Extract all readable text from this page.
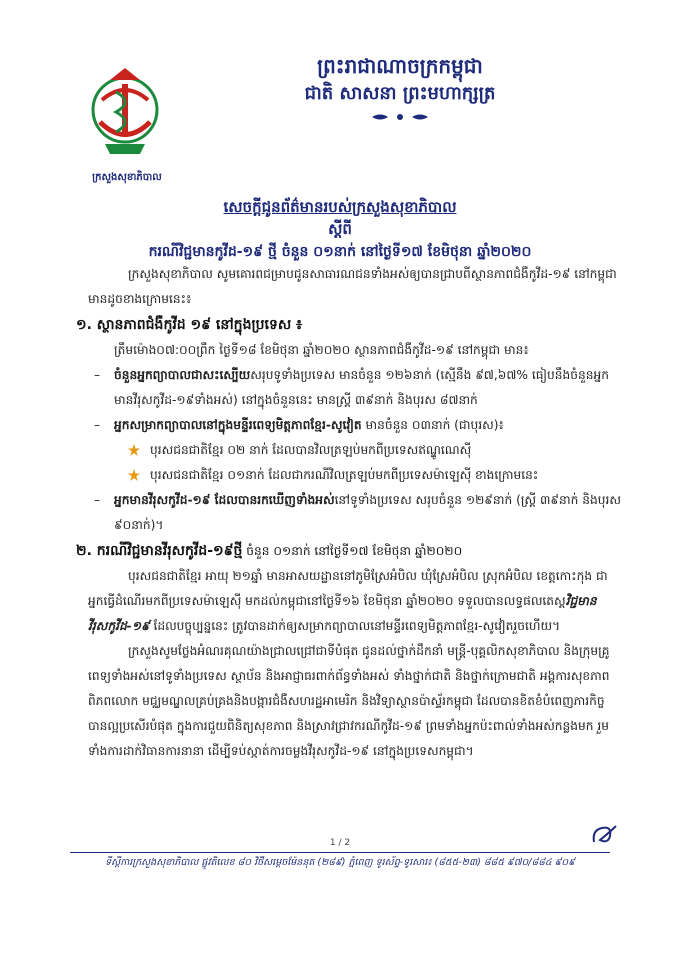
ក្រសួងសុខាភិបាល
ព្រះរាជាណាចក្រកម្ពុជា
ជាតិ សាសនា ព្រះមហាក្សត្រ
សេចក្តីជូនព័ត៌មានរបស់ក្រសួងសុខាភិបាល
ស្តីពី
ករណីវិជ្ជមានកូវីដ-១៩ ថ្មី ចំនួន ០១នាក់ នៅថ្ងៃទី១៧ ខែមិថុនា ឆ្នាំ២០២០

ក្រសួងសុខាភិបាល សូមគោរពជម្រាបជូនសាធារណជនទាំងអស់ឲ្យបានជ្រាបពីស្ថានភាពជំងឺកូវីដ-១៩ នៅកម្ពុជា មានដូចខាងក្រោមនេះ៖

១. ស្ថានភាពជំងឺកូវីដ ១៩ នៅក្នុងប្រទេស ៖

ត្រឹមម៉ោង០៧:០០ព្រឹក ថ្ងៃទី១៨ ខែមិថុនា ឆ្នាំ២០២០ ស្ថានភាពជំងឺកូវីដ-១៩ នៅកម្ពុជា មាន៖

– ចំនួនអ្នកព្យាបាលជាសះស្បើយសរុបទូទាំងប្រទេស មានចំនួន ១២៦នាក់ (ស្មើនឹង ៩៧,៦៧% ធៀបនឹងចំនួនអ្នកមានវីរុសកូវីដ-១៩ទាំងអស់) នៅក្នុងចំនួននេះ មានស្ត្រី ៣៩នាក់ និងបុរស ៨៧នាក់

– អ្នកសម្រាកព្យាបាលនៅក្នុងមន្ទីរពេទ្យមិត្តភាពខ្មែរ-សូវៀត មានចំនួន ០៣នាក់ (ជាបុរស)៖

បុរសជនជាតិខ្មែរ ០២ នាក់ ដែលបានវិលត្រឡប់មកពីប្រទេសឥណ្ឌូណេស៊ី

បុរសជនជាតិខ្មែរ ០១នាក់ ដែលជាករណីវិលត្រឡប់មកពីប្រទេសម៉ាឡេស៊ី ខាងក្រោមនេះ

– អ្នកមានវីរុសកូវីដ-១៩ ដែលបានរកឃើញទាំងអស់នៅទូទាំងប្រទេស សរុបចំនួន ១២៩នាក់ (ស្ត្រី ៣៩នាក់ និងបុរស ៩០នាក់)។

២. ករណីវិជ្ជមានវីរុសកូវីដ-១៩ថ្មី ចំនួន ០១នាក់ នៅថ្ងៃទី១៧ ខែមិថុនា ឆ្នាំ២០២០

បុរសជនជាតិខ្មែរ អាយុ ២១ឆ្នាំ មានអាសយដ្ឋាននៅភូមិស្រែអំបិល ឃុំស្រែអំបិល ស្រុកអំបិល ខេត្តកោះកុង ជាអ្នកធ្វើដំណើរមកពីប្រទេសម៉ាឡេស៊ី មកដល់កម្ពុជានៅថ្ងៃទី១៦ ខែមិថុនា ឆ្នាំ២០២០ ទទួលបានលទ្ធផលតេស្តវិជ្ជមានវីរុសកូវីដ-១៩ ដែលបច្ចុប្បន្ននេះ ត្រូវបានដាក់ឲ្យសម្រាកព្យាបាលនៅមន្ទីរពេទ្យមិត្តភាពខ្មែរ-សូវៀតរួចហើយ។

ក្រសួងសូមថ្លែងអំណរគុណយ៉ាងជ្រាលជ្រៅជាទីបំផុត ជូនដល់ថ្នាក់ដឹកនាំ មន្ត្រី-បុគ្គលិកសុខាភិបាល និងក្រុមគ្រូពេទ្យទាំងអស់នៅទូទាំងប្រទេស ស្ថាប័ន និងអាជ្ញាធរពាក់ព័ន្ធទាំងអស់ ទាំងថ្នាក់ជាតិ និងថ្នាក់ក្រោមជាតិ អង្គការសុខភាពពិភពលោក មជ្ឈមណ្ឌលគ្រប់គ្រងនិងបង្ការជំងឺសហរដ្ឋអាមេរិក និងវិទ្យាស្ថានប៉ាស្ទ័រកម្ពុជា ដែលបានខិតខំបំពេញភារកិច្ចបានល្អប្រសើរបំផុត ក្នុងការជួយពិនិត្យសុខភាព និងស្រាវជ្រាវករណីកូវីដ-១៩ ព្រមទាំងអ្នកប៉ះពាល់ទាំងអស់កន្លងមក រួមទាំងការដាក់វិធានការនានា ដើម្បីទប់ស្កាត់ការចម្លងវីរុសកូវីដ-១៩ នៅក្នុងប្រទេសកម្ពុជា។

1 / 2
ទីស្តីការក្រសួងសុខាភិបាល ផ្លូវតិលេខ ៨០ វិថីសម្តេចម៉ែននុត (២៨៩) ភ្នំពេញ ទូរស័ព្ទ-ទូរសារ៖ (៨៥៥-២៣) ៨៨៥ ៩៧០/៨៨៤ ៩០៩
